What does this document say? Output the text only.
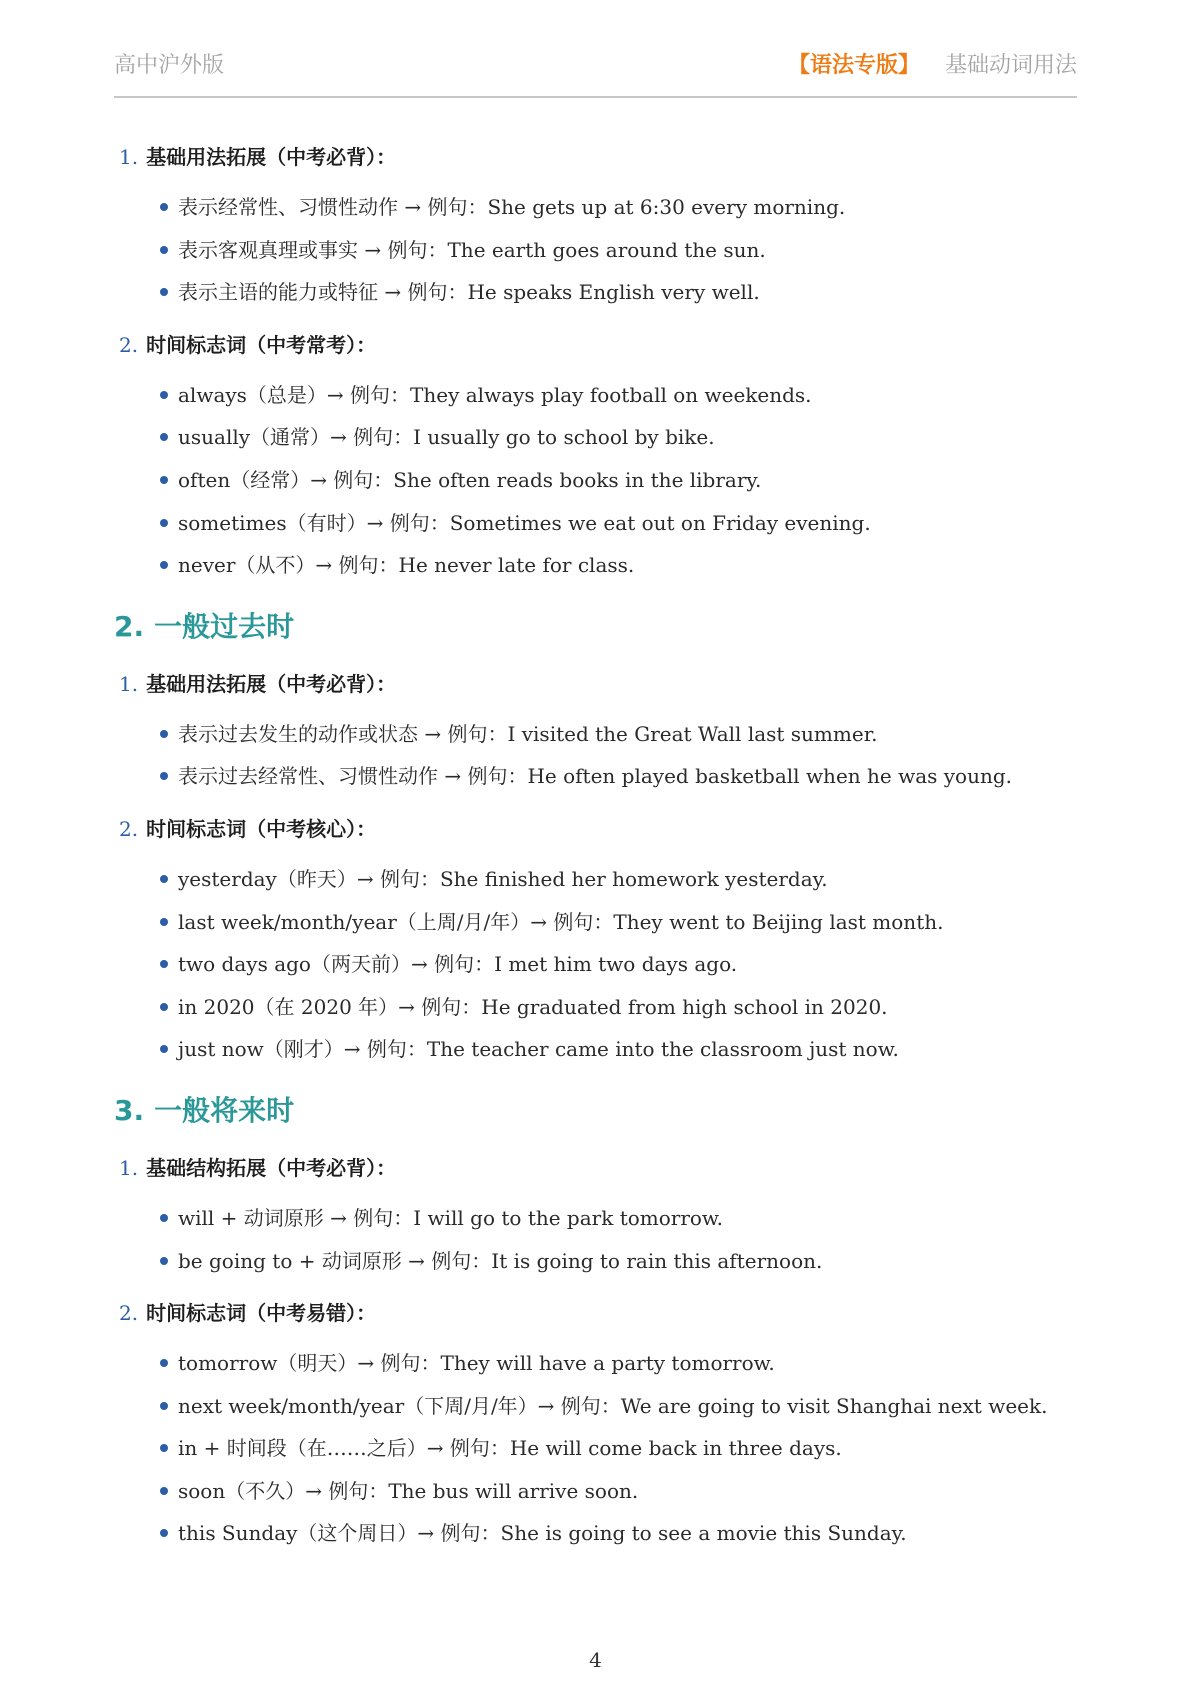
高中沪外版	【语法专版】 基础动词用法
1. 基础用法拓展（中考必背）：
表示经常性、习惯性动作 → 例句：She gets up at 6:30 every morning.
表示客观真理或事实 → 例句：The earth goes around the sun.
表示主语的能力或特征 → 例句：He speaks English very well.
2. 时间标志词（中考常考）：
always（总是）→ 例句：They always play football on weekends.
usually（通常）→ 例句：I usually go to school by bike.
often（经常）→ 例句：She often reads books in the library.
sometimes（有时）→ 例句：Sometimes we eat out on Friday evening.
never（从不）→ 例句：He never late for class.
2. 一般过去时
1. 基础用法拓展（中考必背）：
表示过去发生的动作或状态 → 例句：I visited the Great Wall last summer.
表示过去经常性、习惯性动作 → 例句：He often played basketball when he was young.
2. 时间标志词（中考核心）：
yesterday（昨天）→ 例句：She finished her homework yesterday.
last week/month/year（上周/月/年）→ 例句：They went to Beijing last month.
two days ago（两天前）→ 例句：I met him two days ago.
in 2020（在 2020 年）→ 例句：He graduated from high school in 2020.
just now（刚才）→ 例句：The teacher came into the classroom just now.
3. 一般将来时
1. 基础结构拓展（中考必背）：
will + 动词原形 → 例句：I will go to the park tomorrow.
be going to + 动词原形 → 例句：It is going to rain this afternoon.
2. 时间标志词（中考易错）：
tomorrow（明天）→ 例句：They will have a party tomorrow.
next week/month/year（下周/月/年）→ 例句：We are going to visit Shanghai next week.
in + 时间段（在……之后）→ 例句：He will come back in three days.
soon（不久）→ 例句：The bus will arrive soon.
this Sunday（这个周日）→ 例句：She is going to see a movie this Sunday.
4
